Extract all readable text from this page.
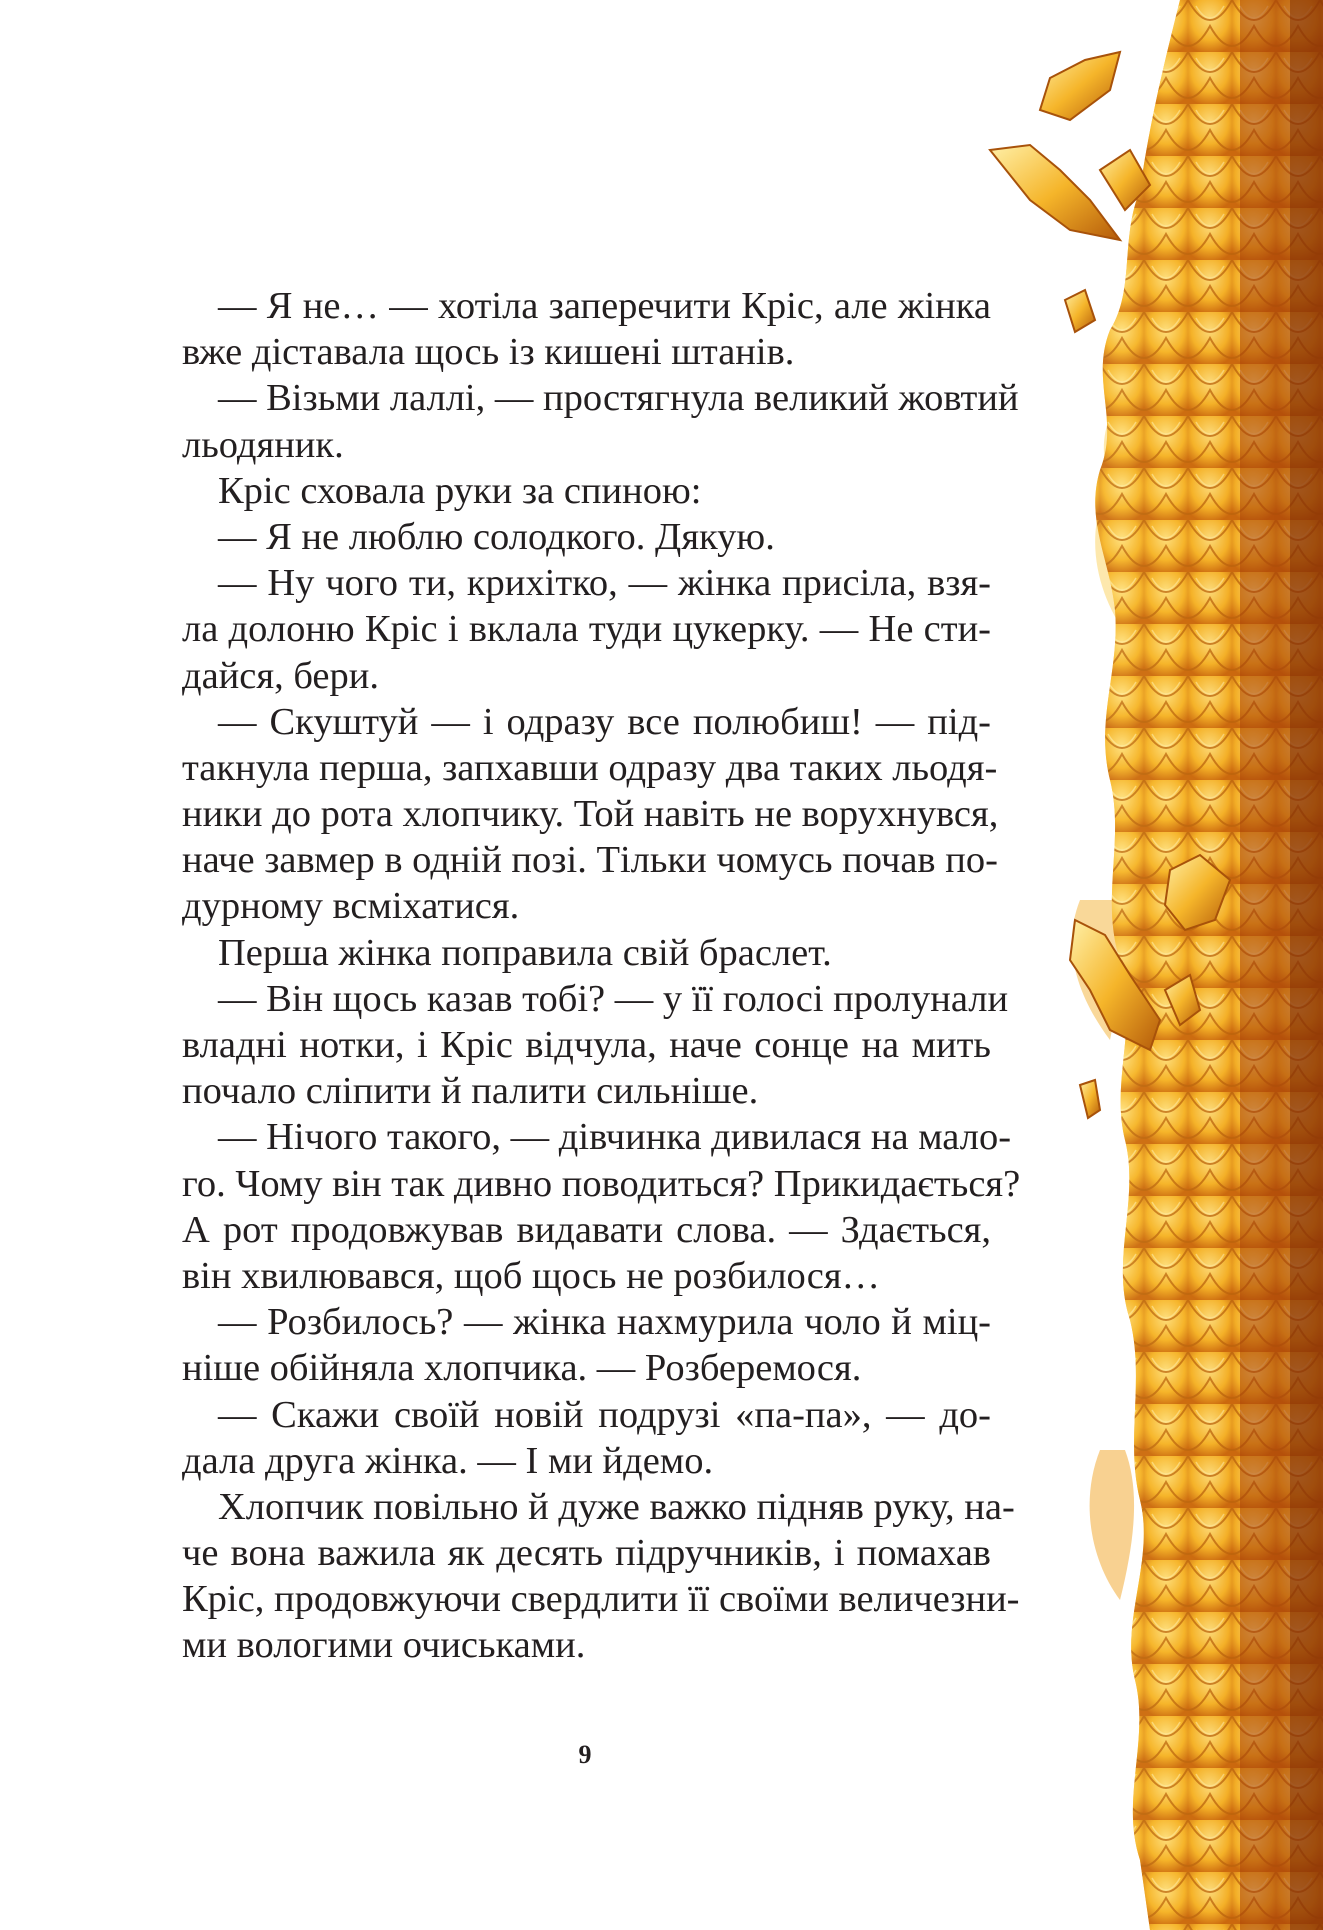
— Я не… — хотіла заперечити Кріс, але жінка
вже діставала щось із кишені штанів.
— Візьми лаллі, — простягнула великий жовтий
льодяник.
Кріс сховала руки за спиною:
— Я не люблю солодкого. Дякую.
— Ну чого ти, крихітко, — жінка присіла, взя-
ла долоню Кріс і вклала туди цукерку. — Не сти-
дайся, бери.
— Скуштуй — і одразу все полюбиш! — під-
такнула перша, запхавши одразу два таких льодя-
ники до рота хлопчику. Той навіть не ворухнувся,
наче завмер в одній позі. Тільки чомусь почав по-
дурному всміхатися.
Перша жінка поправила свій браслет.
— Він щось казав тобі? — у її голосі пролунали
владні нотки, і Кріс відчула, наче сонце на мить
почало сліпити й палити сильніше.
— Нічого такого, — дівчинка дивилася на мало-
го. Чому він так дивно поводиться? Прикидається?
А рот продовжував видавати слова. — Здається,
він хвилювався, щоб щось не розбилося…
— Розбилось? — жінка нахмурила чоло й міц-
ніше обійняла хлопчика. — Розберемося.
— Скажи своїй новій подрузі «па-па», — до-
дала друга жінка. — І ми йдемо.
Хлопчик повільно й дуже важко підняв руку, на-
че вона важила як десять підручників, і помахав
Кріс, продовжуючи свердлити її своїми величезни-
ми вологими очиськами.
9
